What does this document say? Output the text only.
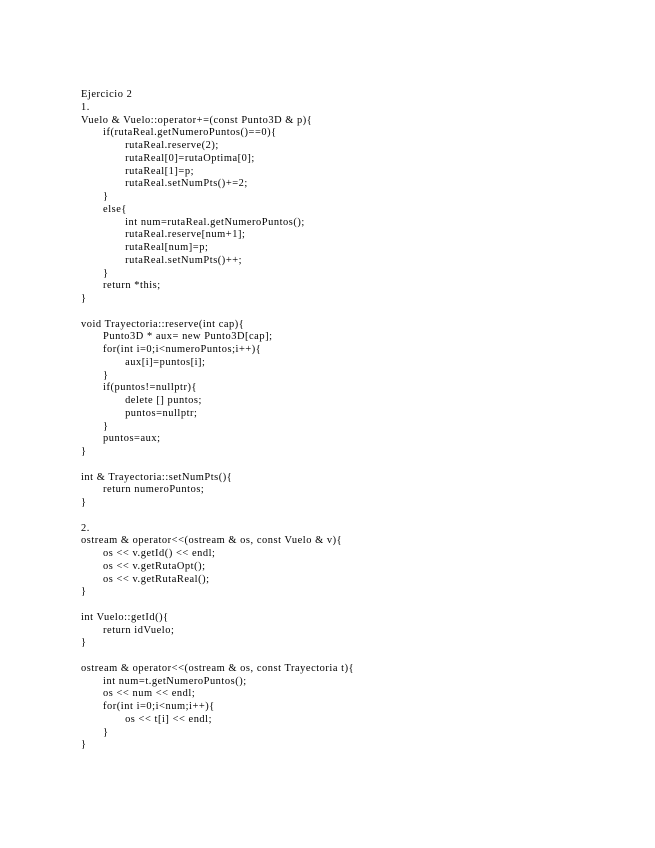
Ejercicio 2
1.
Vuelo & Vuelo::operator+=(const Punto3D & p){
if(rutaReal.getNumeroPuntos()==0){
rutaReal.reserve(2);
rutaReal[0]=rutaOptima[0];
rutaReal[1]=p;
rutaReal.setNumPts()+=2;
}
else{
int num=rutaReal.getNumeroPuntos();
rutaReal.reserve[num+1];
rutaReal[num]=p;
rutaReal.setNumPts()++;
}
return *this;
}
void Trayectoria::reserve(int cap){
Punto3D * aux= new Punto3D[cap];
for(int i=0;i<numeroPuntos;i++){
aux[i]=puntos[i];
}
if(puntos!=nullptr){
delete [] puntos;
puntos=nullptr;
}
puntos=aux;
}
int & Trayectoria::setNumPts(){
return numeroPuntos;
}
2.
ostream & operator<<(ostream & os, const Vuelo & v){
os << v.getId() << endl;
os << v.getRutaOpt();
os << v.getRutaReal();
}
int Vuelo::getId(){
return idVuelo;
}
ostream & operator<<(ostream & os, const Trayectoria t){
int num=t.getNumeroPuntos();
os << num << endl;
for(int i=0;i<num;i++){
os << t[i] << endl;
}
}
